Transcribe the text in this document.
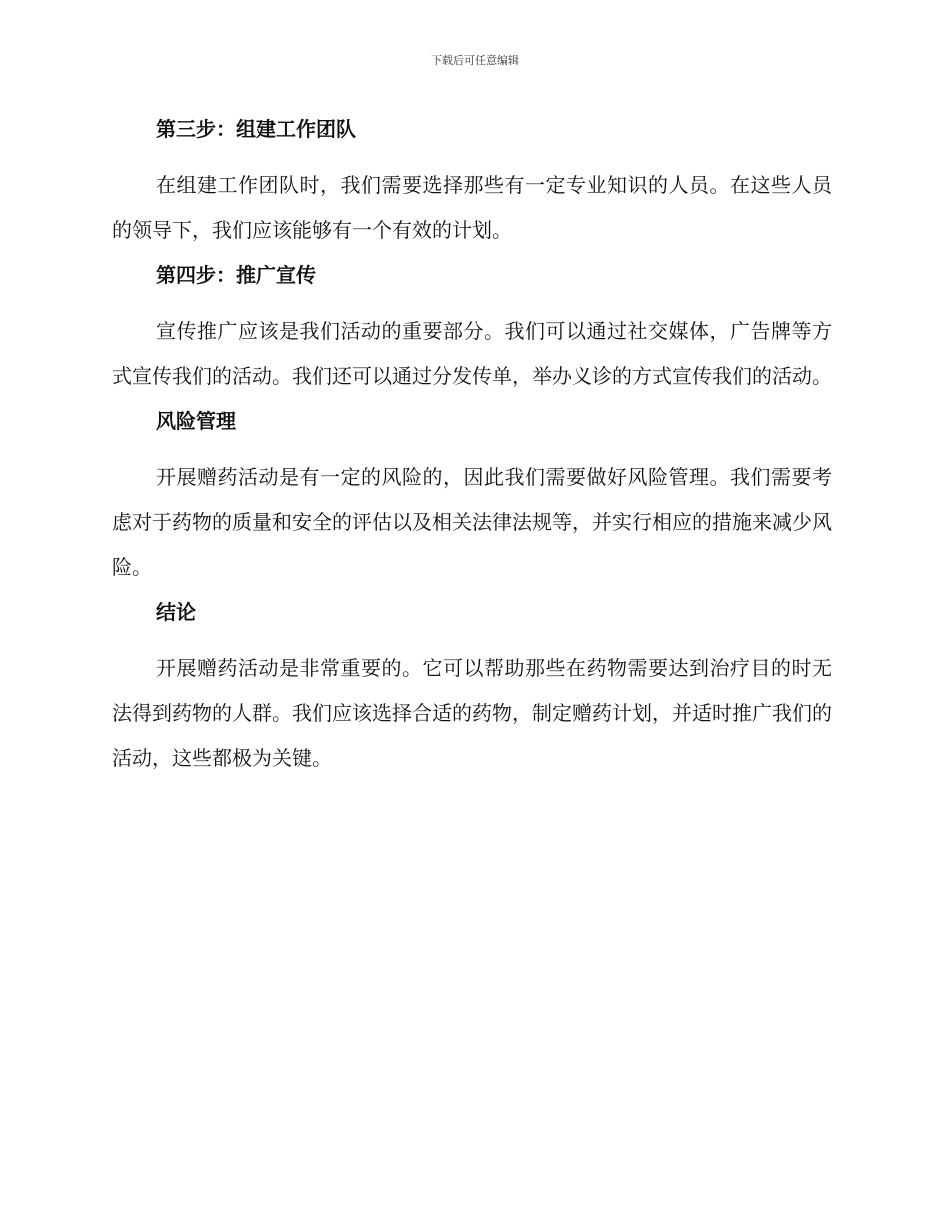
下载后可任意编辑
第三步：组建工作团队

在组建工作团队时，我们需要选择那些有一定专业知识的人员。在这些人员的领导下，我们应该能够有一个有效的计划。

第四步：推广宣传

宣传推广应该是我们活动的重要部分。我们可以通过社交媒体，广告牌等方式宣传我们的活动。我们还可以通过分发传单，举办义诊的方式宣传我们的活动。

风险管理

开展赠药活动是有一定的风险的，因此我们需要做好风险管理。我们需要考虑对于药物的质量和安全的评估以及相关法律法规等，并实行相应的措施来减少风险。

结论

开展赠药活动是非常重要的。它可以帮助那些在药物需要达到治疗目的时无法得到药物的人群。我们应该选择合适的药物，制定赠药计划，并适时推广我们的活动，这些都极为关键。
